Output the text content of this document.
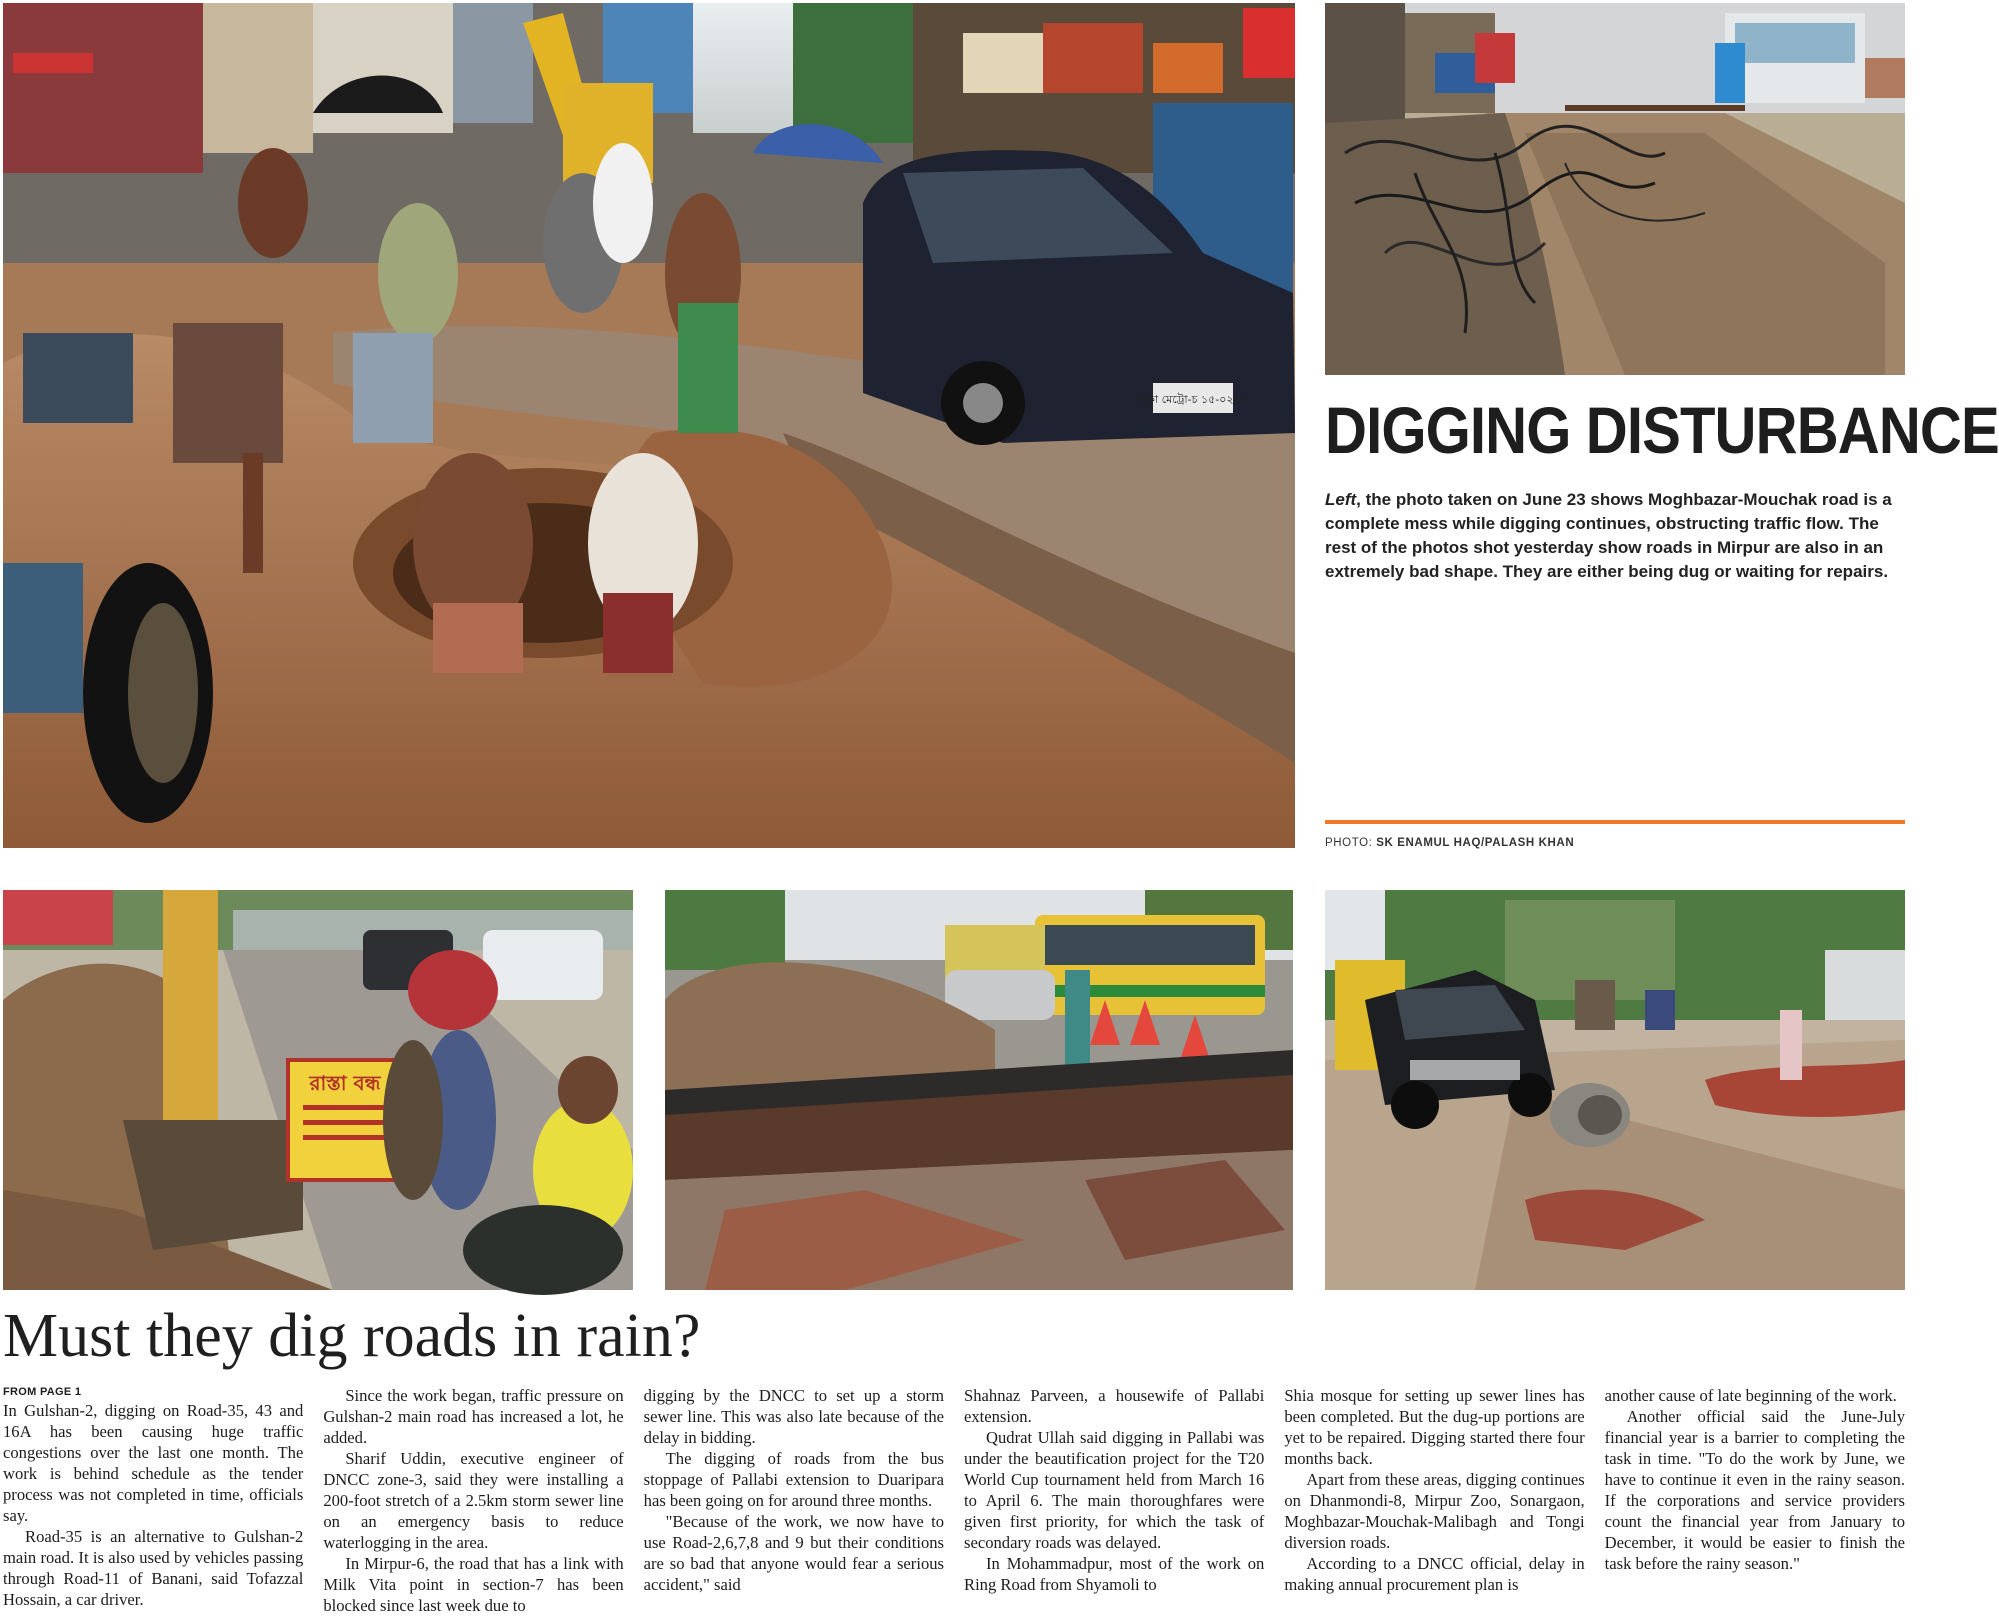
চাকা মেট্রো-চ ১৫-০২৮৩ DIGGING DISTURBANCE

Left, the photo taken on June 23 shows Moghbazar-Mouchak road is a complete mess while digging continues, obstructing traffic flow. The rest of the photos shot yesterday show roads in Mirpur are also in an extremely bad shape. They are either being dug or waiting for repairs.

PHOTO: SK ENAMUL HAQ/PALASH KHAN
রাস্তা বন্ধ
Must they dig roads in rain?
FROM PAGE 1

In Gulshan-2, digging on Road-35, 43 and 16A has been causing huge traffic congestions over the last one month. The work is behind schedule as the tender process was not completed in time, officials say.

Road-35 is an alternative to Gulshan-2 main road. It is also used by vehicles passing through Road-11 of Banani, said Tofazzal Hossain, a car driver.

Since the work began, traffic pressure on Gulshan-2 main road has increased a lot, he added.

Sharif Uddin, executive engineer of DNCC zone-3, said they were installing a 200-foot stretch of a 2.5km storm sewer line on an emergency basis to reduce waterlogging in the area.

In Mirpur-6, the road that has a link with Milk Vita point in section-7 has been blocked since last week due to

digging by the DNCC to set up a storm sewer line. This was also late because of the delay in bidding.

The digging of roads from the bus stoppage of Pallabi extension to Duaripara has been going on for around three months.

"Because of the work, we now have to use Road-2,6,7,8 and 9 but their conditions are so bad that anyone would fear a serious accident," said

Shahnaz Parveen, a housewife of Pallabi extension.

Qudrat Ullah said digging in Pallabi was under the beautification project for the T20 World Cup tournament held from March 16 to April 6. The main thoroughfares were given first priority, for which the task of secondary roads was delayed.

In Mohammadpur, most of the work on Ring Road from Shyamoli to

Shia mosque for setting up sewer lines has been completed. But the dug-up portions are yet to be repaired. Digging started there four months back.

Apart from these areas, digging continues on Dhanmondi-8, Mirpur Zoo, Sonargaon, Moghbazar-Mouchak-Malibagh and Tongi diversion roads.

According to a DNCC official, delay in making annual procurement plan is

another cause of late beginning of the work.

Another official said the June-July financial year is a barrier to completing the task in time. "To do the work by June, we have to continue it even in the rainy season. If the corporations and service providers count the financial year from January to December, it would be easier to finish the task before the rainy season."
